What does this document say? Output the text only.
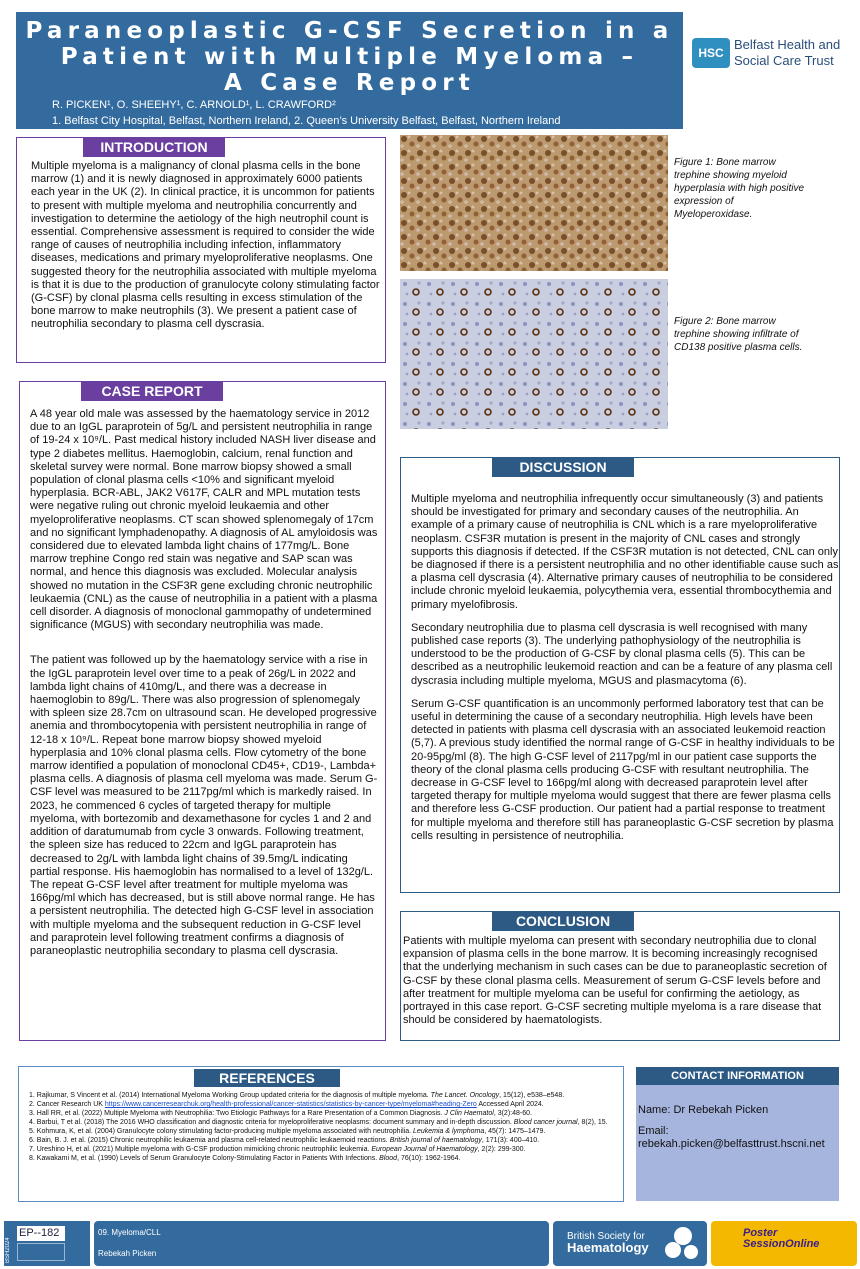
Paraneoplastic G-CSF Secretion in a
Patient with Multiple Myeloma –
A Case Report
R. PICKEN¹, O. SHEEHY¹, C. ARNOLD¹, L. CRAWFORD²
1. Belfast City Hospital, Belfast, Northern Ireland, 2. Queen’s University Belfast, Belfast, Northern Ireland
HSC
Belfast Health and
Social Care Trust
INTRODUCTION
Multiple myeloma is a malignancy of clonal plasma cells in the bone marrow (1) and it is newly diagnosed in approximately 6000 patients each year in the UK (2). In clinical practice, it is uncommon for patients to present with multiple myeloma and neutrophilia concurrently and investigation to determine the aetiology of the high neutrophil count is essential. Comprehensive assessment is required to consider the wide range of causes of neutrophilia including infection, inflammatory diseases, medications and primary myeloproliferative neoplasms. One suggested theory for the neutrophilia associated with multiple myeloma is that it is due to the production of granulocyte colony stimulating factor (G-CSF) by clonal plasma cells resulting in excess stimulation of the bone marrow to make neutrophils (3). We present a patient case of neutrophilia secondary to plasma cell dyscrasia.
CASE REPORT

A 48 year old male was assessed by the haematology service in 2012 due to an IgGL paraprotein of 5g/L and persistent neutrophilia in range of 19-24 x 10⁹/L. Past medical history included NASH liver disease and type 2 diabetes mellitus. Haemoglobin, calcium, renal function and skeletal survey were normal. Bone marrow biopsy showed a small population of clonal plasma cells <10% and significant myeloid hyperplasia. BCR-ABL, JAK2 V617F, CALR and MPL mutation tests were negative ruling out chronic myeloid leukaemia and other myeloproliferative neoplasms. CT scan showed splenomegaly of 17cm and no significant lymphadenopathy. A diagnosis of AL amyloidosis was considered due to elevated lambda light chains of 177mg/L. Bone marrow trephine Congo red stain was negative and SAP scan was normal, and hence this diagnosis was excluded. Molecular analysis showed no mutation in the CSF3R gene excluding chronic neutrophilic leukaemia (CNL) as the cause of neutrophilia in a patient with a plasma cell disorder. A diagnosis of monoclonal gammopathy of undetermined significance (MGUS) with secondary neutrophilia was made.

The patient was followed up by the haematology service with a rise in the IgGL paraprotein level over time to a peak of 26g/L in 2022 and lambda light chains of 410mg/L, and there was a decrease in haemoglobin to 89g/L. There was also progression of splenomegaly with spleen size 28.7cm on ultrasound scan. He developed progressive anemia and thrombocytopenia with persistent neutrophilia in range of 12-18 x 10⁹/L. Repeat bone marrow biopsy showed myeloid hyperplasia and 10% clonal plasma cells. Flow cytometry of the bone marrow identified a population of monoclonal CD45+, CD19-, Lambda+ plasma cells. A diagnosis of plasma cell myeloma was made. Serum G-CSF level was measured to be 2117pg/ml which is markedly raised. In 2023, he commenced 6 cycles of targeted therapy for multiple myeloma, with bortezomib and dexamethasone for cycles 1 and 2 and addition of daratumumab from cycle 3 onwards. Following treatment, the spleen size has reduced to 22cm and IgGL paraprotein has decreased to 2g/L with lambda light chains of 39.5mg/L indicating partial response. His haemoglobin has normalised to a level of 132g/L. The repeat G-CSF level after treatment for multiple myeloma was 166pg/ml which has decreased, but is still above normal range. He has a persistent neutrophilia. The detected high G-CSF level in association with multiple myeloma and the subsequent reduction in G-CSF level and paraprotein level following treatment confirms a diagnosis of paraneoplastic neutrophilia secondary to plasma cell dyscrasia.

Figure 1: Bone marrow trephine showing myeloid hyperplasia with high positive expression of Myeloperoxidase.
Figure 2: Bone marrow trephine showing infiltrate of CD138 positive plasma cells.
DISCUSSION

Multiple myeloma and neutrophilia infrequently occur simultaneously (3) and patients should be investigated for primary and secondary causes of the neutrophilia. An example of a primary cause of neutrophilia is CNL which is a rare myeloproliferative neoplasm. CSF3R mutation is present in the majority of CNL cases and strongly supports this diagnosis if detected. If the CSF3R mutation is not detected, CNL can only be diagnosed if there is a persistent neutrophilia and no other identifiable cause such as a plasma cell dyscrasia (4). Alternative primary causes of neutrophilia to be considered include chronic myeloid leukaemia, polycythemia vera, essential thrombocythemia and primary myelofibrosis.

Secondary neutrophilia due to plasma cell dyscrasia is well recognised with many published case reports (3). The underlying pathophysiology of the neutrophilia is understood to be the production of G-CSF by clonal plasma cells (5). This can be described as a neutrophilic leukemoid reaction and can be a feature of any plasma cell dyscrasia including multiple myeloma, MGUS and plasmacytoma (6).

Serum G-CSF quantification is an uncommonly performed laboratory test that can be useful in determining the cause of a secondary neutrophilia. High levels have been detected in patients with plasma cell dyscrasia with an associated leukemoid reaction (5,7). A previous study identified the normal range of G-CSF in healthy individuals to be 20-95pg/ml (8). The high G-CSF level of 2117pg/ml in our patient case supports the theory of the clonal plasma cells producing G-CSF with resultant neutrophilia. The decrease in G-CSF level to 166pg/ml along with decreased paraprotein level after targeted therapy for multiple myeloma would suggest that there are fewer plasma cells and therefore less G-CSF production. Our patient had a partial response to treatment for multiple myeloma and therefore still has paraneoplastic G-CSF secretion by plasma cells resulting in persistence of neutrophilia.

CONCLUSION
Patients with multiple myeloma can present with secondary neutrophilia due to clonal expansion of plasma cells in the bone marrow. It is becoming increasingly recognised that the underlying mechanism in such cases can be due to paraneoplastic secretion of G-CSF by these clonal plasma cells. Measurement of serum G-CSF levels before and after treatment for multiple myeloma can be useful for confirming the aetiology, as portrayed in this case report. G-CSF secreting multiple myeloma is a rare disease that should be considered by haematologists.
REFERENCES
1. Rajkumar, S Vincent et al. (2014) International Myeloma Working Group updated criteria for the diagnosis of multiple myeloma. The Lancet. Oncology, 15(12), e538–e548.
2. Cancer Research UK https://www.cancerresearchuk.org/health-professional/cancer-statistics/statistics-by-cancer-type/myeloma#heading-Zero Accessed April 2024.
3. Hall RR, et al. (2022) Multiple Myeloma with Neutrophilia: Two Etiologic Pathways for a Rare Presentation of a Common Diagnosis. J Clin Haematol, 3(2):48-60.
4. Barbui, T et al. (2018) The 2016 WHO classification and diagnostic criteria for myeloproliferative neoplasms: document summary and in-depth discussion. Blood cancer journal, 8(2), 15.
5. Kohmura, K, et al. (2004) Granulocyte colony stimulating factor-producing multiple myeloma associated with neutrophilia. Leukemia & lymphoma, 45(7): 1475–1479.
6. Bain, B. J. et al. (2015) Chronic neutrophilic leukaemia and plasma cell-related neutrophilic leukaemoid reactions. British journal of haematology, 171(3): 400–410.
7. Ureshino H, et al. (2021) Multiple myeloma with G-CSF production mimicking chronic neutrophilic leukemia. European Journal of Haematology, 2(2): 299-300.
8. Kawakami M, et al. (1990) Levels of Serum Granulocyte Colony-Stimulating Factor in Patients With Infections. Blood, 76(10): 1962-1964.
CONTACT INFORMATION

Name: Dr Rebekah Picken

Email:

rebekah.picken@belfasttrust.hscni.net

BSH2024
EP--182	09. Myeloma/CLL
Rebekah Picken
British Society for
Haematology
Poster
SessionOnline
